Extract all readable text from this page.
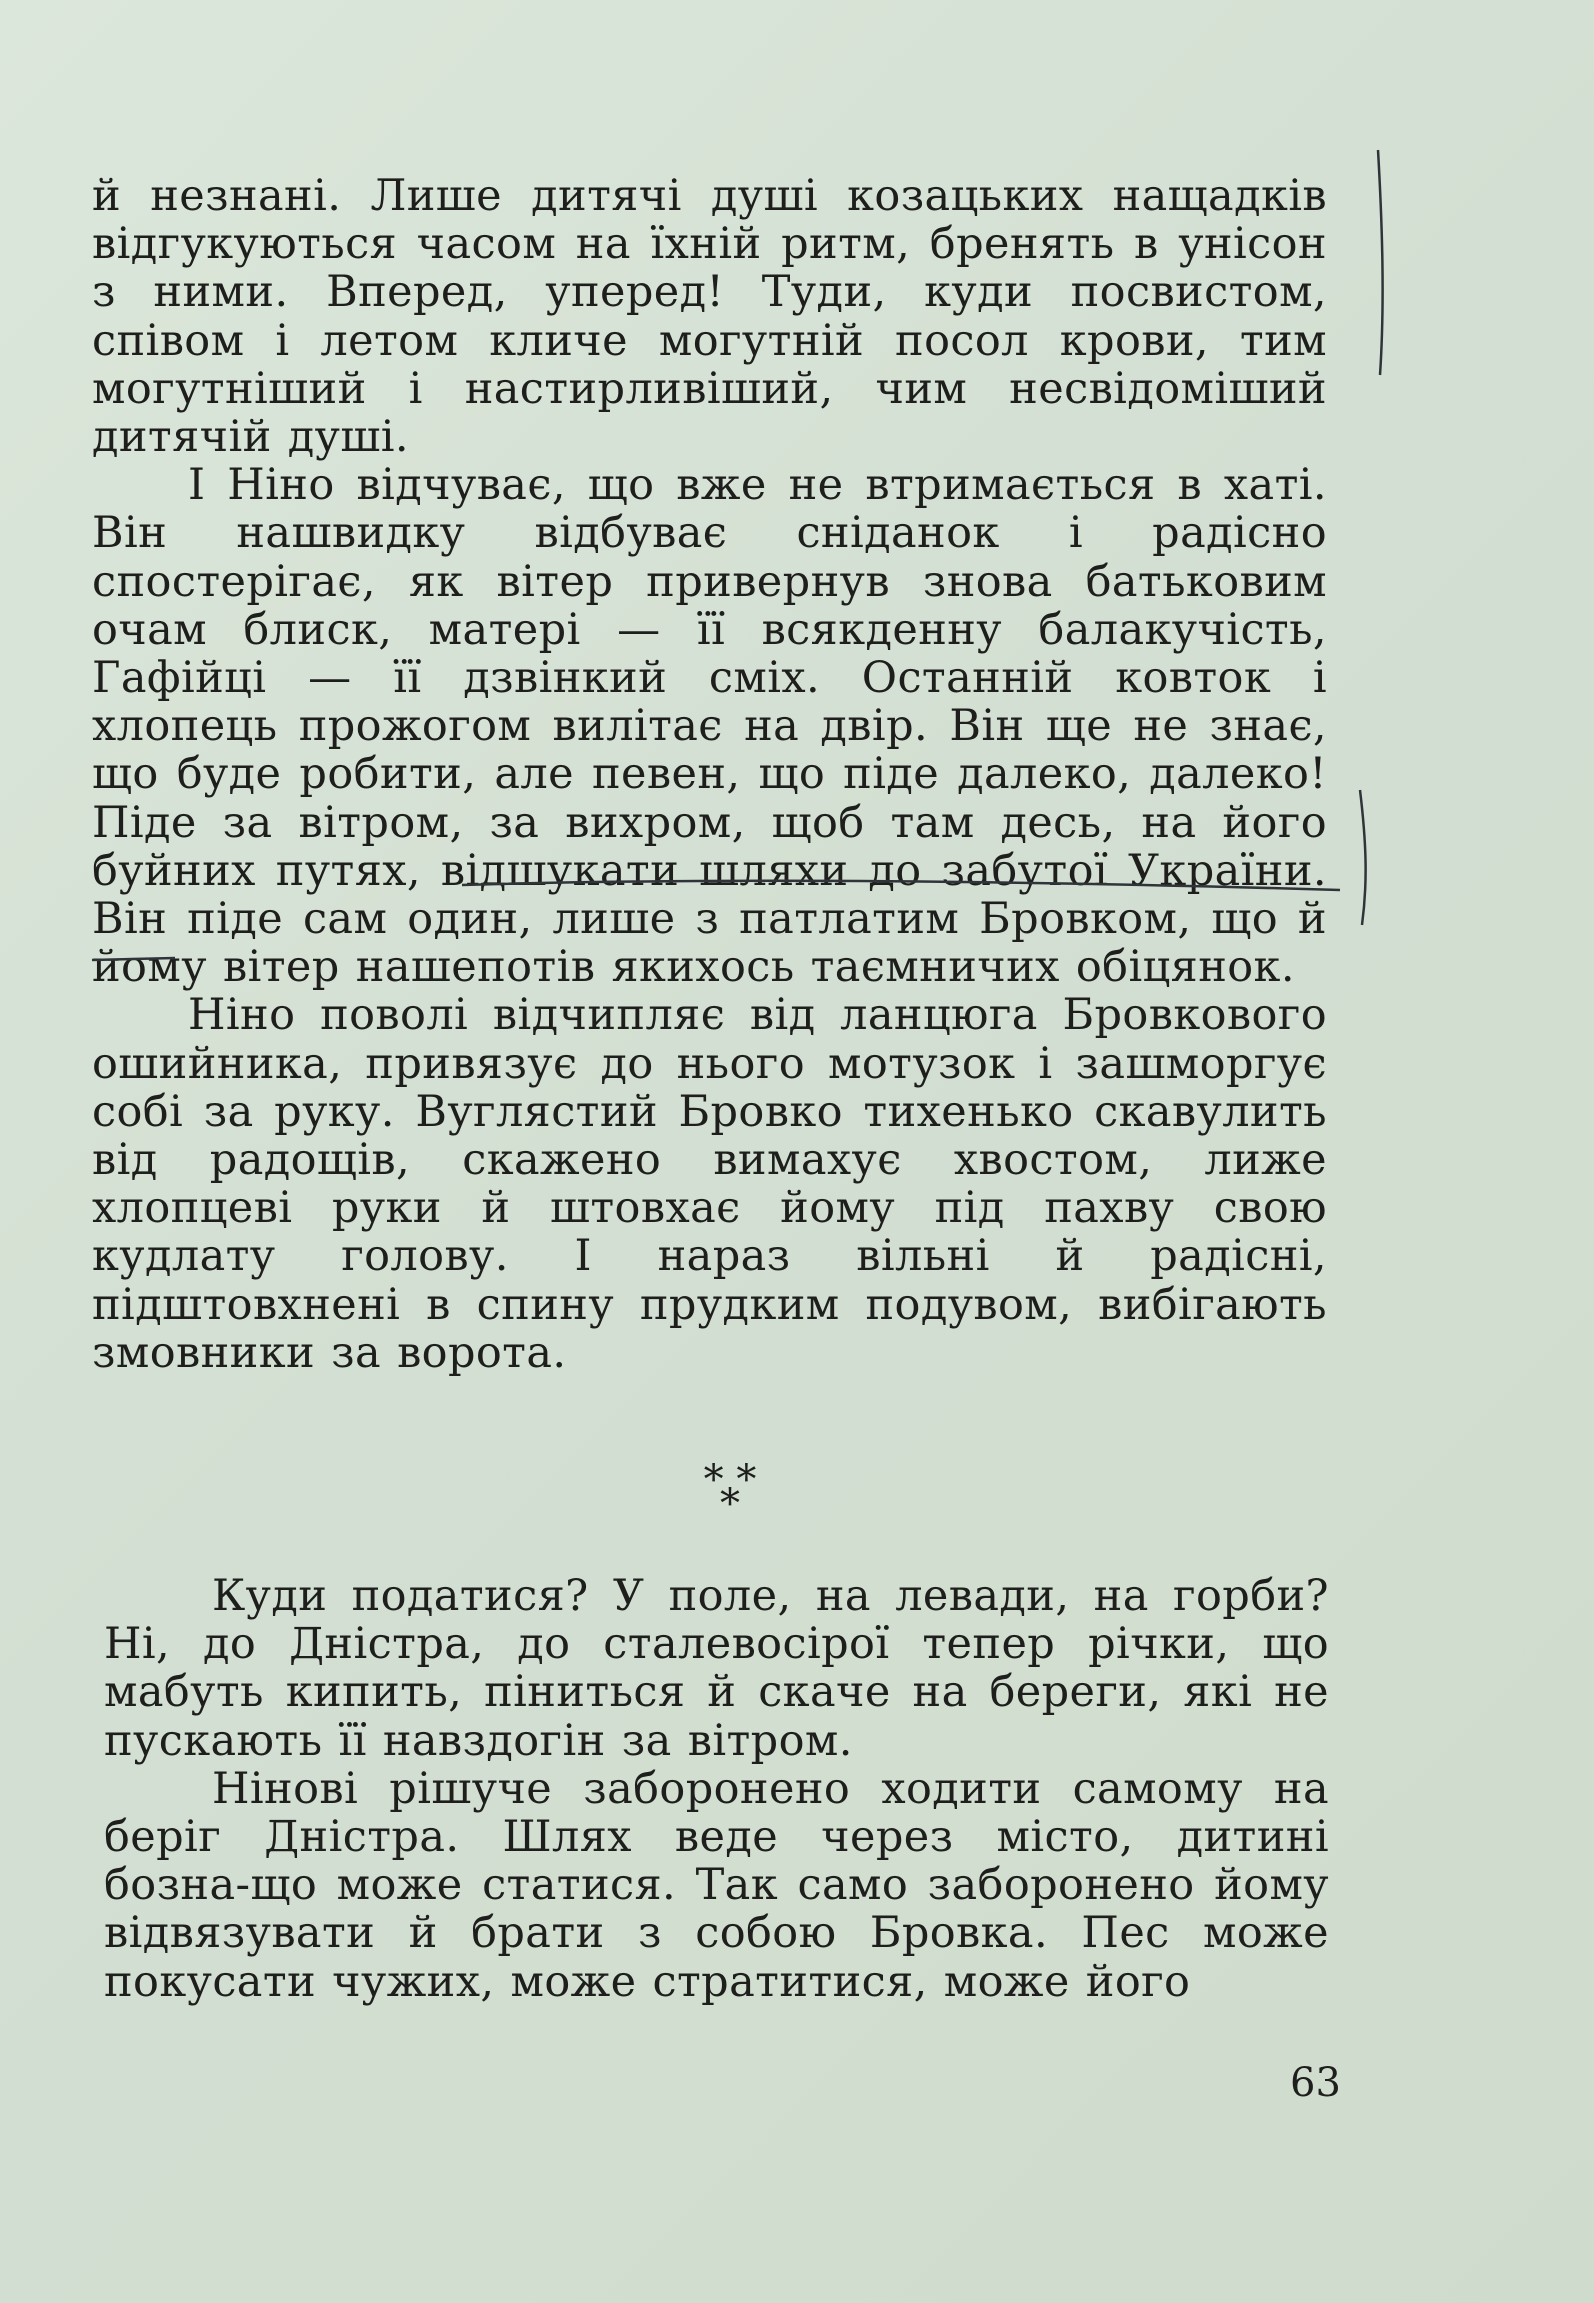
й незнані. Лише дитячі душі козацьких нащадків відгукуються часом на їхній ритм, бренять в унісон з ними. Вперед, уперед! Туди, куди посвистом, співом і летом кличе могутній посол крови, тим могутніший і настирливіший, чим несвідоміший дитячій душі.

І Ніно відчуває, що вже не втримається в хаті. Він нашвидку відбуває сніданок і радісно спостерігає, як вітер привернув знова батьковим очам блиск, матері — її всякденну балакучість, Гафійці — її дзвінкий сміх. Останній ковток і хлопець прожогом вилітає на двір. Він ще не знає, що буде робити, але певен, що піде далеко, далеко! Піде за вітром, за вихром, щоб там десь, на його буйних путях, відшукати шляхи до забутої України. Він піде сам один, лише з патлатим Бровком, що й йому вітер нашепотів якихось таємничих обіцянок.

Ніно поволі відчипляє від ланцюга Бровкового ошийника, привязує до нього мотузок і зашморгує собі за руку. Вуглястий Бровко тихенько скавулить від радощів, скажено вимахує хвостом, лиже хлопцеві руки й штовхає йому під пахву свою кудлату голову. І нараз вільні й радісні, підштовхнені в спину прудким подувом, вибігають змовники за ворота.

* * *

Куди податися? У поле, на левади, на горби? Ні, до Дністра, до сталевосірої тепер річки, що мабуть кипить, піниться й скаче на береги, які не пускають її навздогін за вітром.

Нінові рішуче заборонено ходити самому на беріг Дністра. Шлях веде через місто, дитині бозна-що може статися. Так само заборонено йому відвязувати й брати з собою Бровка. Пес може покусати чужих, може стратитися, може його

63
